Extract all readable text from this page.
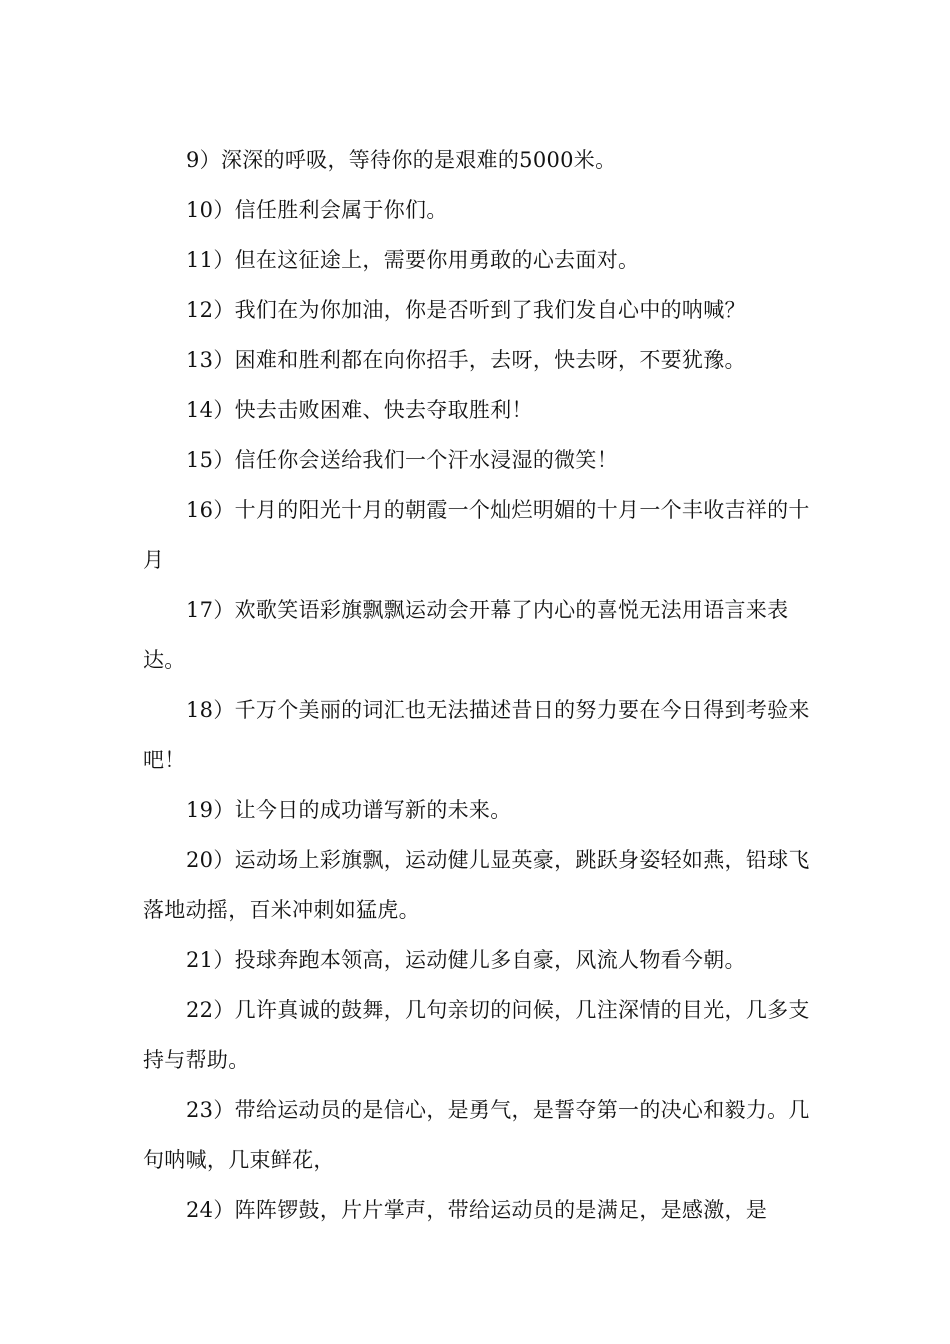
9）深深的呼吸，等待你的是艰难的5000米。

10）信任胜利会属于你们。

11）但在这征途上，需要你用勇敢的心去面对。

12）我们在为你加油，你是否听到了我们发自心中的呐喊？

13）困难和胜利都在向你招手，去呀，快去呀，不要犹豫。

14）快去击败困难、快去夺取胜利！

15）信任你会送给我们一个汗水浸湿的微笑！

16）十月的阳光十月的朝霞一个灿烂明媚的十月一个丰收吉祥的十月

17）欢歌笑语彩旗飘飘运动会开幕了内心的喜悦无法用语言来表达。

18）千万个美丽的词汇也无法描述昔日的努力要在今日得到考验来吧！

19）让今日的成功谱写新的未来。

20）运动场上彩旗飘，运动健儿显英豪，跳跃身姿轻如燕，铅球飞落地动摇，百米冲刺如猛虎。

21）投球奔跑本领高，运动健儿多自豪，风流人物看今朝。

22）几许真诚的鼓舞，几句亲切的问候，几注深情的目光，几多支持与帮助。

23）带给运动员的是信心，是勇气，是誓夺第一的决心和毅力。几句呐喊，几束鲜花，

24）阵阵锣鼓，片片掌声，带给运动员的是满足，是感激，是
